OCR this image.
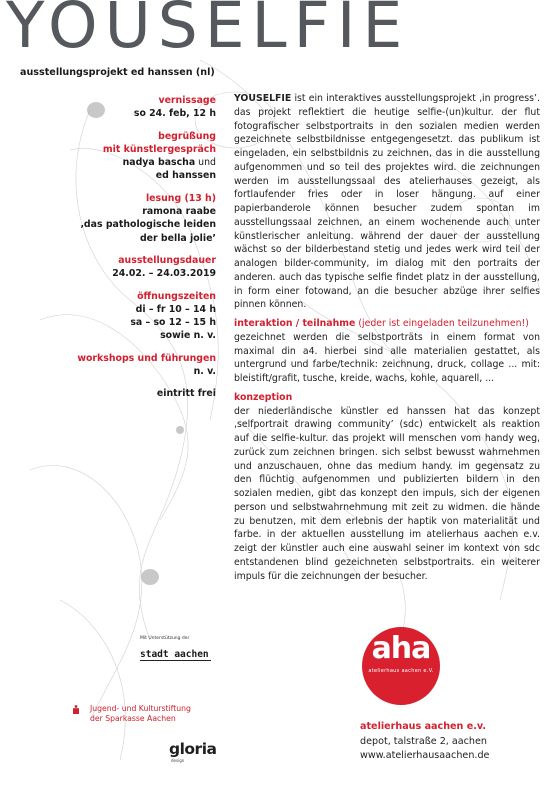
YOUSELFIE
ausstellungsprojekt ed hanssen (nl)
vernissage
so 24. feb, 12 h
begrüßung
mit künstlergespräch
nadya bascha und
ed hanssen
lesung (13 h)
ramona raabe
‚das pathologische leiden
der bella jolie’
ausstellungsdauer
24.02. – 24.03.2019
öffnungszeiten
di – fr 10 – 14 h
sa – so 12 – 15 h
sowie n. v.
workshops und führungen
n. v.
eintritt frei

YOUSELFIE ist ein interaktives ausstellungsprojekt ‚in progress’. das projekt reflektiert die heutige selfie-(un)kultur. der flut fotografischer selbstportraits in den sozialen medien werden gezeichnete selbstbildnisse entgegengesetzt. das publikum ist eingeladen, ein selbstbildnis zu zeichnen, das in die ausstellung aufgenommen und so teil des projektes wird. die zeichnungen werden im ausstellungssaal des atelierhauses gezeigt, als fortlaufender fries oder in loser hängung. auf einer papierbanderole können besucher zudem spontan im ausstellungssaal zeichnen, an einem wochenende auch unter künstlerischer anleitung. während der dauer der ausstellung wächst so der bilderbestand stetig und jedes werk wird teil der analogen bilder-community, im dialog mit den portraits der anderen. auch das typische selfie findet platz in der ausstellung, in form einer fotowand, an die besucher abzüge ihrer selfies pinnen können.

interaktion / teilnahme (jeder ist eingeladen teilzunehmen!)

gezeichnet werden die selbstporträts in einem format von maximal din a4. hierbei sind alle materialien gestattet, als untergrund und farbe/technik: zeichnung, druck, collage ... mit: bleistift/grafit, tusche, kreide, wachs, kohle, aquarell, ...

konzeption

der niederländische künstler ed hanssen hat das konzept ‚selfportrait drawing community’ (sdc) entwickelt als reaktion auf die selfie-kultur. das projekt will menschen vom handy weg, zurück zum zeichnen bringen. sich selbst bewusst wahrnehmen und anzuschauen, ohne das medium handy. im gegensatz zu den flüchtig aufgenommen und publizierten bildern in den sozialen medien, gibt das konzept den impuls, sich der eigenen person und selbstwahrnehmung mit zeit zu widmen. die hände zu benutzen, mit dem erlebnis der haptik von materialität und farbe. in der aktuellen ausstellung im atelierhaus aachen e.v. zeigt der künstler auch eine auswahl seiner im kontext von sdc entstandenen blind gezeichneten selbstportraits. ein weiterer impuls für die zeichnungen der besucher.

Mit Unterstützung der
stadt aachen
Jugend- und Kulturstiftung
der Sparkasse Aachen
gloria
design
aha
atelierhaus aachen e.V.
atelierhaus aachen e.v.
depot, talstraße 2, aachen
www.atelierhausaachen.de
